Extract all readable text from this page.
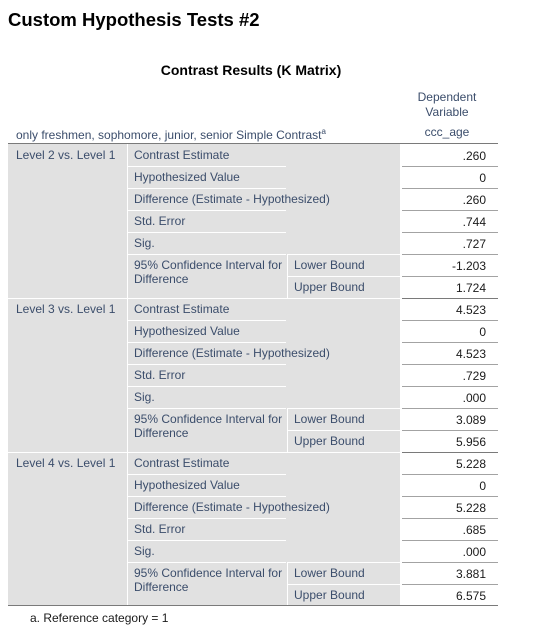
Custom Hypothesis Tests #2
Contrast Results (K Matrix)
Dependent
Variable
only freshmen, sophomore, junior, senior Simple Contrast$^a$	ccc_age
Level 2 vs. Level 1 Contrast Estimate	.260
Hypothesized Value	0
Difference (Estimate - Hypothesized)	.260
Std. Error	.744
Sig.	.727
95% Confidence Interval for Difference
Lower Bound	-1.203
Upper Bound	1.724
Level 3 vs. Level 1 Contrast Estimate	4.523
Hypothesized Value	0
Difference (Estimate - Hypothesized)	4.523
Std. Error	.729
Sig.	.000
95% Confidence Interval for Difference
Lower Bound	3.089
Upper Bound	5.956
Level 4 vs. Level 1 Contrast Estimate	5.228
Hypothesized Value	0
Difference (Estimate - Hypothesized)	5.228
Std. Error	.685
Sig.	.000
95% Confidence Interval for Difference
Lower Bound	3.881
Upper Bound	6.575
a. Reference category = 1
